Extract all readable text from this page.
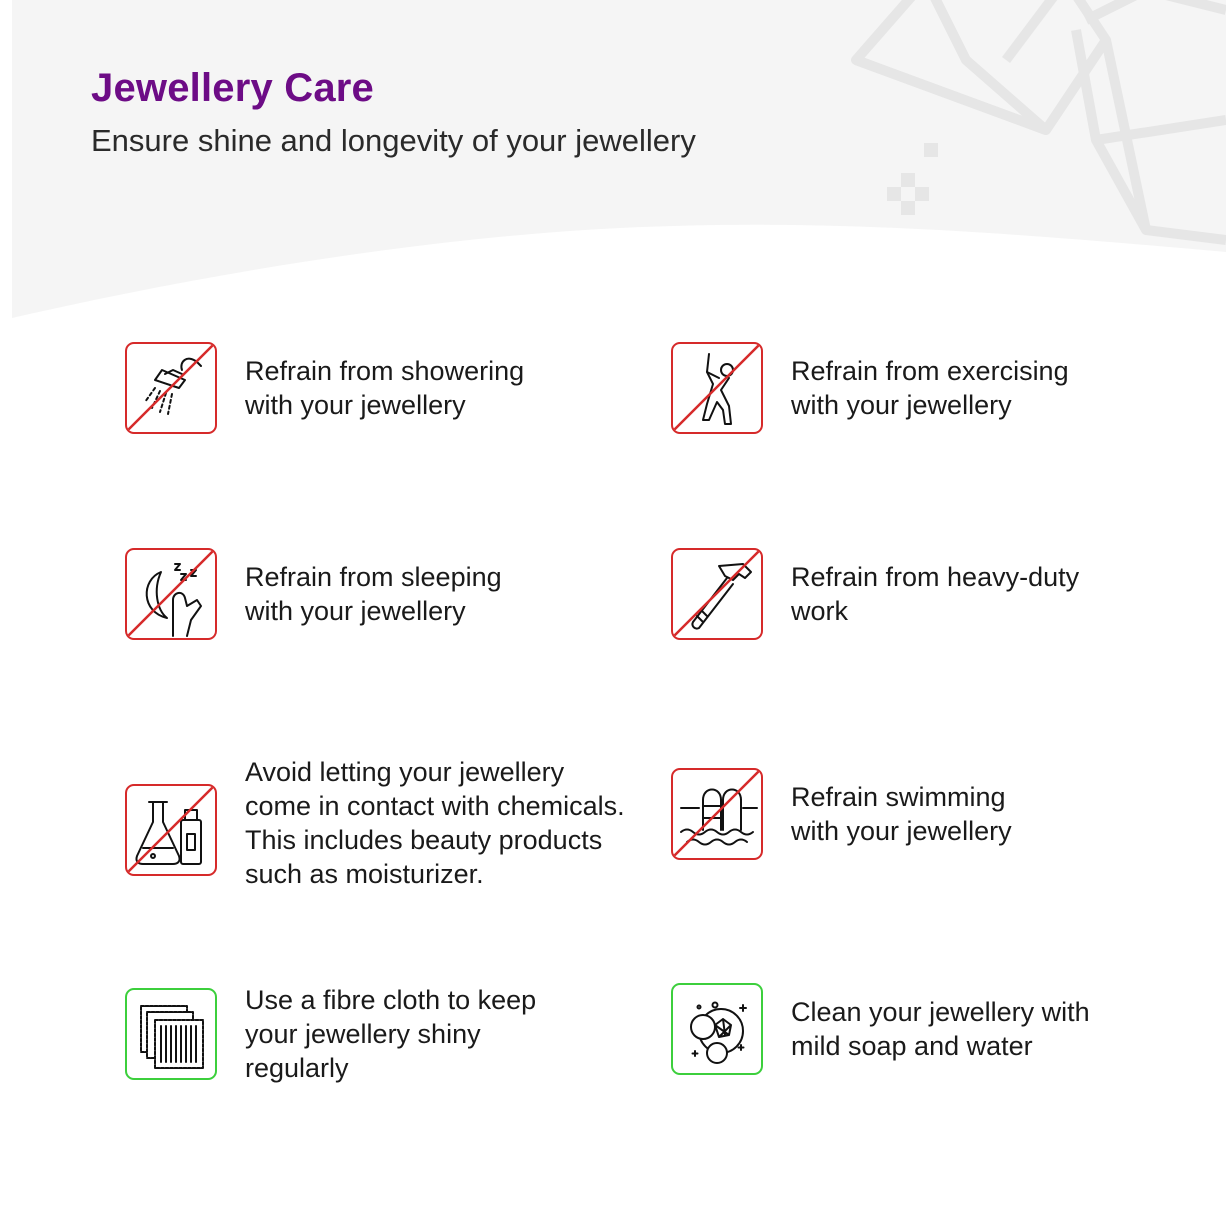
Jewellery Care

Ensure shine and longevity of your jewellery

Refrain from showering
with your jewellery
Refrain from exercising
with your jewellery
Refrain from sleeping
with your jewellery
Refrain from heavy-duty
work
Avoid letting your jewellery
come in contact with chemicals.
This includes beauty products
such as moisturizer.
Refrain swimming
with your jewellery
Use a fibre cloth to keep
your jewellery shiny
regularly
Clean your jewellery with
mild soap and water
